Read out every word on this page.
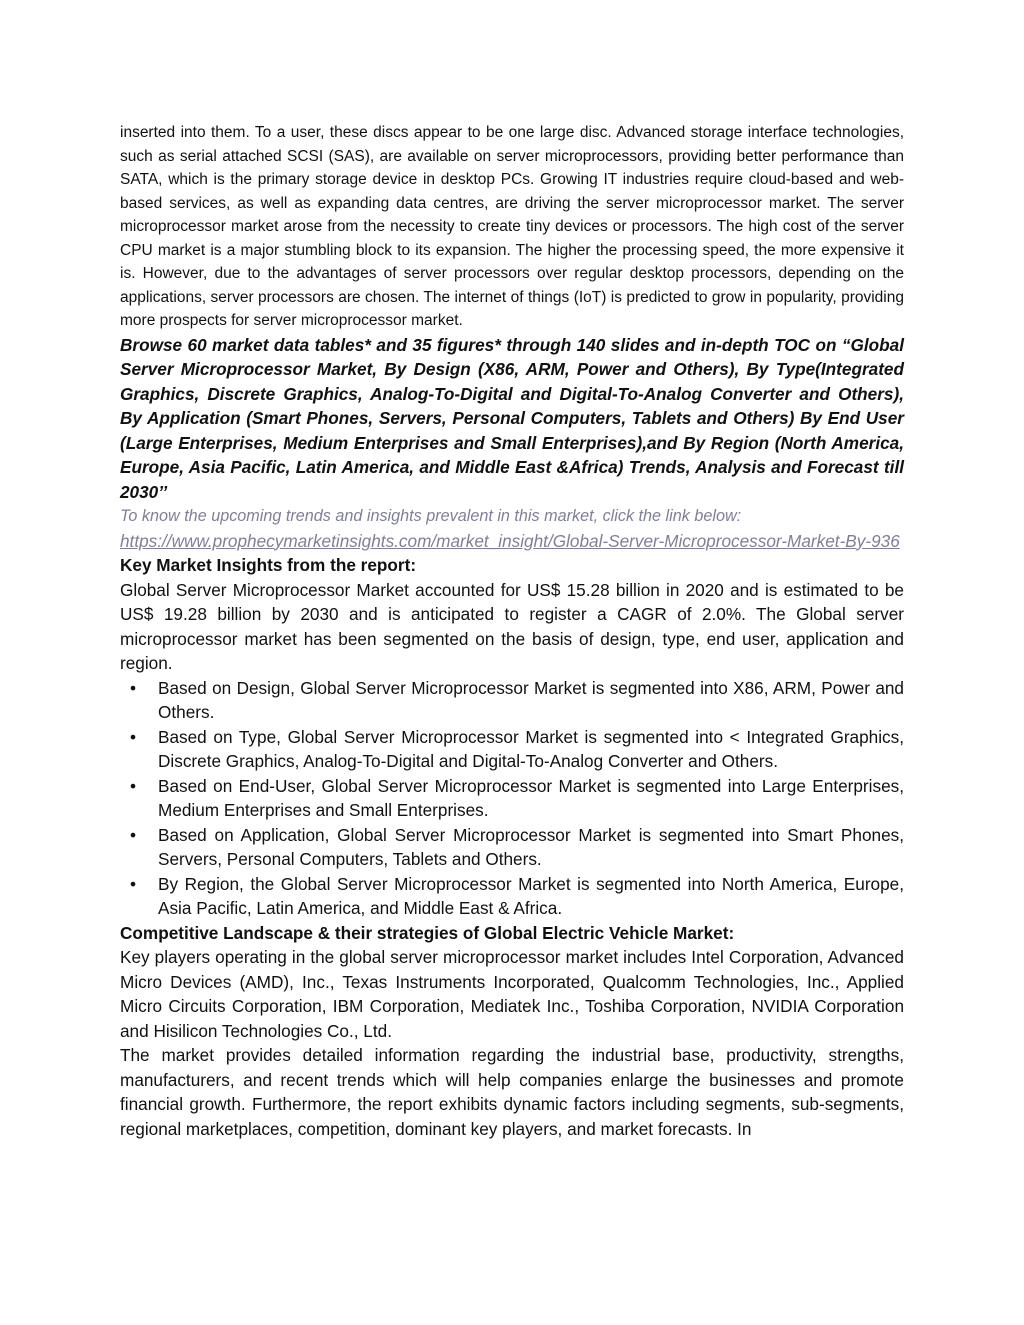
inserted into them. To a user, these discs appear to be one large disc. Advanced storage interface technologies, such as serial attached SCSI (SAS), are available on server microprocessors, providing better performance than SATA, which is the primary storage device in desktop PCs. Growing IT industries require cloud-based and web-based services, as well as expanding data centres, are driving the server microprocessor market. The server microprocessor market arose from the necessity to create tiny devices or processors. The high cost of the server CPU market is a major stumbling block to its expansion. The higher the processing speed, the more expensive it is. However, due to the advantages of server processors over regular desktop processors, depending on the applications, server processors are chosen. The internet of things (IoT) is predicted to grow in popularity, providing more prospects for server microprocessor market.

Browse 60 market data tables* and 35 figures* through 140 slides and in-depth TOC on “Global Server Microprocessor Market, By Design (X86, ARM, Power and Others), By Type(Integrated Graphics, Discrete Graphics, Analog-To-Digital and Digital-To-Analog Converter and Others), By Application (Smart Phones, Servers, Personal Computers, Tablets and Others) By End User (Large Enterprises, Medium Enterprises and Small Enterprises),and By Region (North America, Europe, Asia Pacific, Latin America, and Middle East &Africa) Trends, Analysis and Forecast till 2030’’

To know the upcoming trends and insights prevalent in this market, click the link below:

https://www.prophecymarketinsights.com/market_insight/Global-Server-Microprocessor-Market-By-936

Key Market Insights from the report:

Global Server Microprocessor Market accounted for US$ 15.28 billion in 2020 and is estimated to be US$ 19.28 billion by 2030 and is anticipated to register a CAGR of 2.0%. The Global server microprocessor market has been segmented on the basis of design, type, end user, application and region.

• Based on Design, Global Server Microprocessor Market is segmented into X86, ARM, Power and Others.
• Based on Type, Global Server Microprocessor Market is segmented into < Integrated Graphics, Discrete Graphics, Analog-To-Digital and Digital-To-Analog Converter and Others.
• Based on End-User, Global Server Microprocessor Market is segmented into Large Enterprises, Medium Enterprises and Small Enterprises.
• Based on Application, Global Server Microprocessor Market is segmented into Smart Phones, Servers, Personal Computers, Tablets and Others.
• By Region, the Global Server Microprocessor Market is segmented into North America, Europe, Asia Pacific, Latin America, and Middle East & Africa.

Competitive Landscape & their strategies of Global Electric Vehicle Market:

Key players operating in the global server microprocessor market includes Intel Corporation, Advanced Micro Devices (AMD), Inc., Texas Instruments Incorporated, Qualcomm Technologies, Inc., Applied Micro Circuits Corporation, IBM Corporation, Mediatek Inc., Toshiba Corporation, NVIDIA Corporation and Hisilicon Technologies Co., Ltd.

The market provides detailed information regarding the industrial base, productivity, strengths, manufacturers, and recent trends which will help companies enlarge the businesses and promote financial growth. Furthermore, the report exhibits dynamic factors including segments, sub-segments, regional marketplaces, competition, dominant key players, and market forecasts. In
